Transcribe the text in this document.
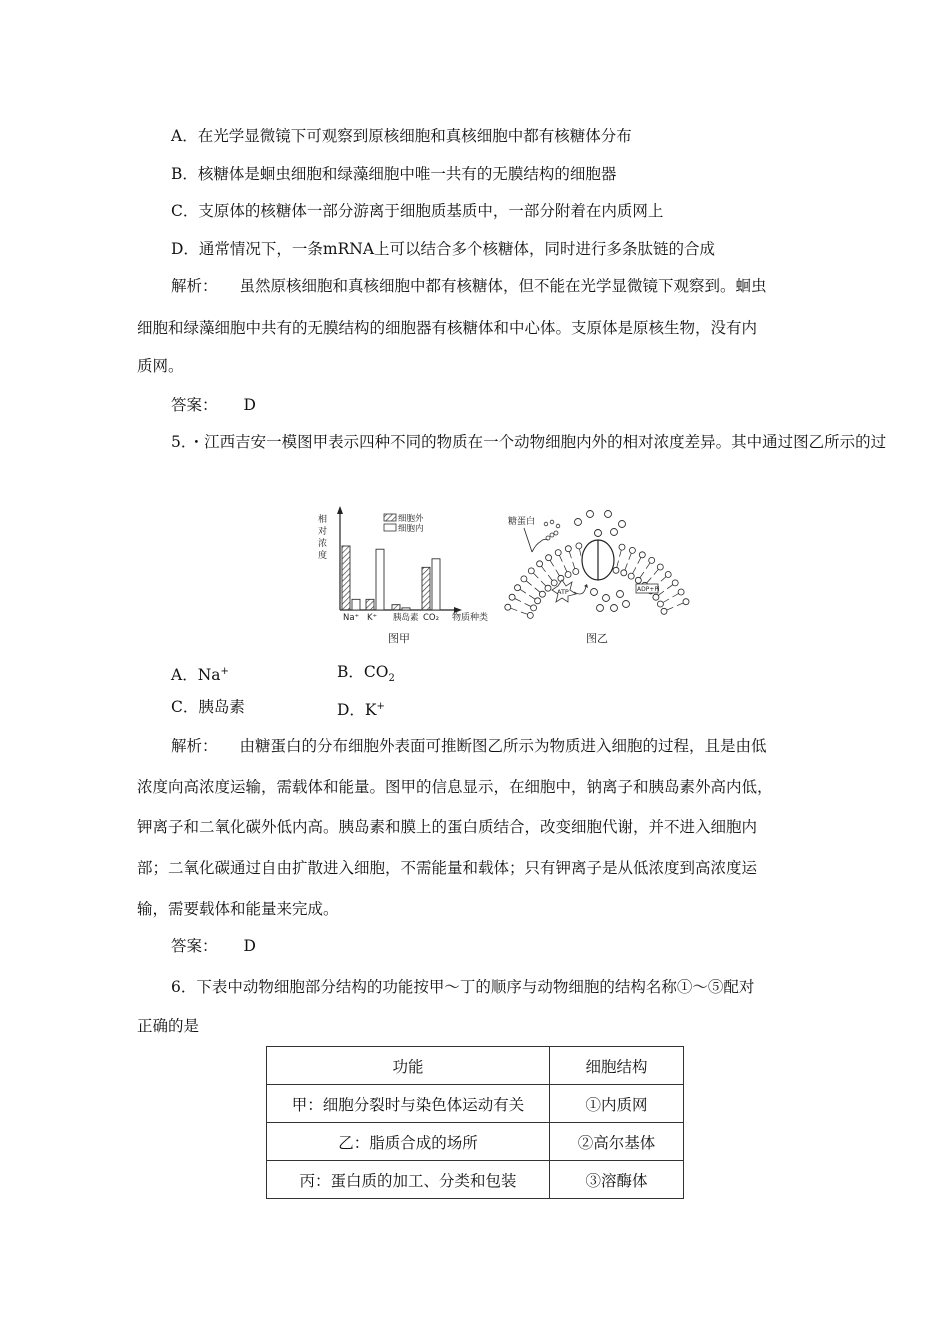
A．在光学显微镜下可观察到原核细胞和真核细胞中都有核糖体分布
B．核糖体是蛔虫细胞和绿藻细胞中唯一共有的无膜结构的细胞器
C．支原体的核糖体一部分游离于细胞质基质中，一部分附着在内质网上
D．通常情况下，一条mRNA上可以结合多个核糖体，同时进行多条肽链的合成
解析： 虽然原核细胞和真核细胞中都有核糖体，但不能在光学显微镜下观察到。蛔虫
细胞和绿藻细胞中共有的无膜结构的细胞器有核糖体和中心体。支原体是原核生物，没有内
质网。
答案： D
5．・江西吉安一模图甲表示四种不同的物质在一个动物细胞内外的相对浓度差异。其中通过图乙所示的过
相
对
浓
度
细胞外
细胞内
Na⁺ K⁺ 胰岛素 CO₂ 物质种类
图甲
糖蛋白
ATP	ADP+Pi
图乙
A．Na+	B．$CO_2$
C．胰岛素	D．K+
解析： 由糖蛋白的分布细胞外表面可推断图乙所示为物质进入细胞的过程，且是由低
浓度向高浓度运输，需载体和能量。图甲的信息显示，在细胞中，钠离子和胰岛素外高内低，
钾离子和二氧化碳外低内高。胰岛素和膜上的蛋白质结合，改变细胞代谢，并不进入细胞内
部；二氧化碳通过自由扩散进入细胞，不需能量和载体；只有钾离子是从低浓度到高浓度运
输，需要载体和能量来完成。
答案： D
6．下表中动物细胞部分结构的功能按甲～丁的顺序与动物细胞的结构名称①～⑤配对
正确的是
功能	细胞结构
甲：细胞分裂时与染色体运动有关	①内质网
乙：脂质合成的场所	②高尔基体
丙：蛋白质的加工、分类和包装	③溶酶体
